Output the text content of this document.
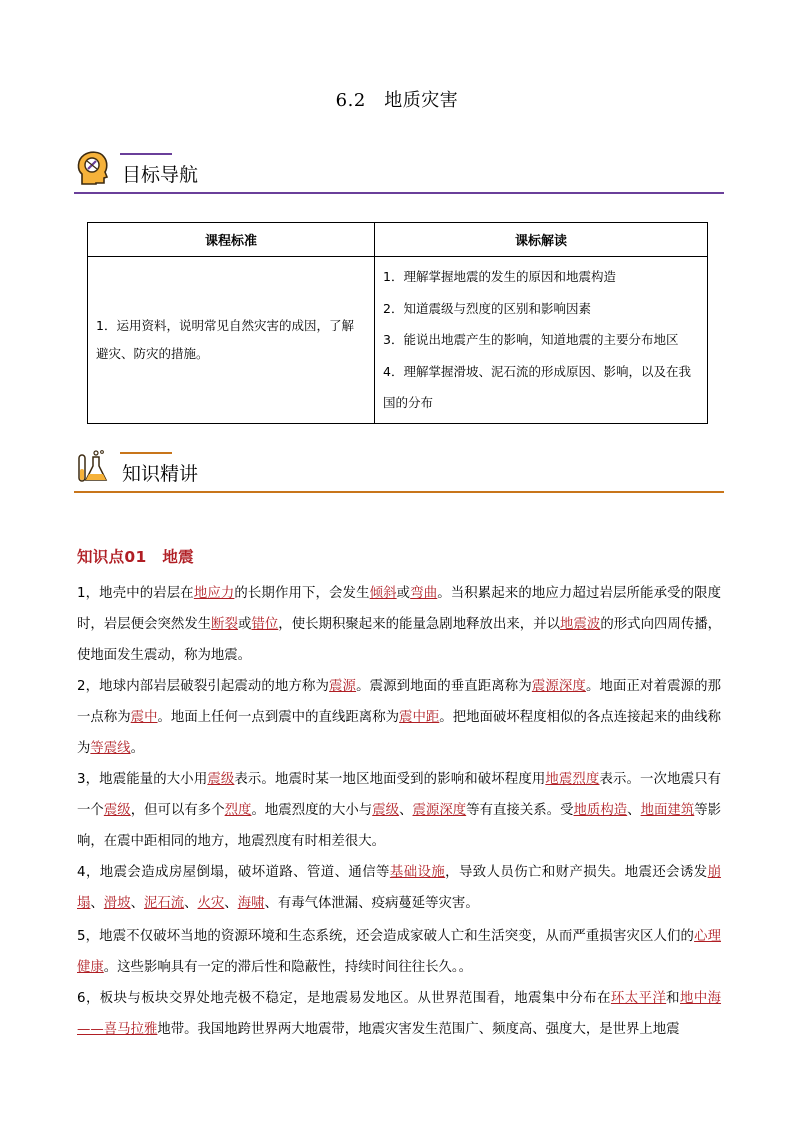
6.2　地质灾害
目标导航
课程标准	课标解读
1．运用资料，说明常见自然灾害的成因，了解避灾、防灾的措施。	1．理解掌握地震的发生的原因和地震构造
2．知道震级与烈度的区别和影响因素
3．能说出地震产生的影响，知道地震的主要分布地区
4．理解掌握滑坡、泥石流的形成原因、影响，以及在我国的分布
知识精讲
知识点01　地震
1，地壳中的岩层在地应力的长期作用下，会发生倾斜或弯曲。当积累起来的地应力超过岩层所能承受的限度时，岩层便会突然发生断裂或错位，使长期积聚起来的能量急剧地释放出来，并以地震波的形式向四周传播，使地面发生震动，称为地震。
2，地球内部岩层破裂引起震动的地方称为震源。震源到地面的垂直距离称为震源深度。地面正对着震源的那一点称为震中。地面上任何一点到震中的直线距离称为震中距。把地面破坏程度相似的各点连接起来的曲线称为等震线。
3，地震能量的大小用震级表示。地震时某一地区地面受到的影响和破坏程度用地震烈度表示。一次地震只有一个震级，但可以有多个烈度。地震烈度的大小与震级、震源深度等有直接关系。受地质构造、地面建筑等影响，在震中距相同的地方，地震烈度有时相差很大。
4，地震会造成房屋倒塌，破坏道路、管道、通信等基础设施，导致人员伤亡和财产损失。地震还会诱发崩塌、滑坡、泥石流、火灾、海啸、有毒气体泄漏、疫病蔓延等灾害。
5，地震不仅破坏当地的资源环境和生态系统，还会造成家破人亡和生活突变，从而严重损害灾区人们的心理健康。这些影响具有一定的滞后性和隐蔽性，持续时间往往长久。。
6，板块与板块交界处地壳极不稳定，是地震易发地区。从世界范围看，地震集中分布在环太平洋和地中海——喜马拉雅地带。我国地跨世界两大地震带，地震灾害发生范围广、频度高、强度大，是世界上地震
